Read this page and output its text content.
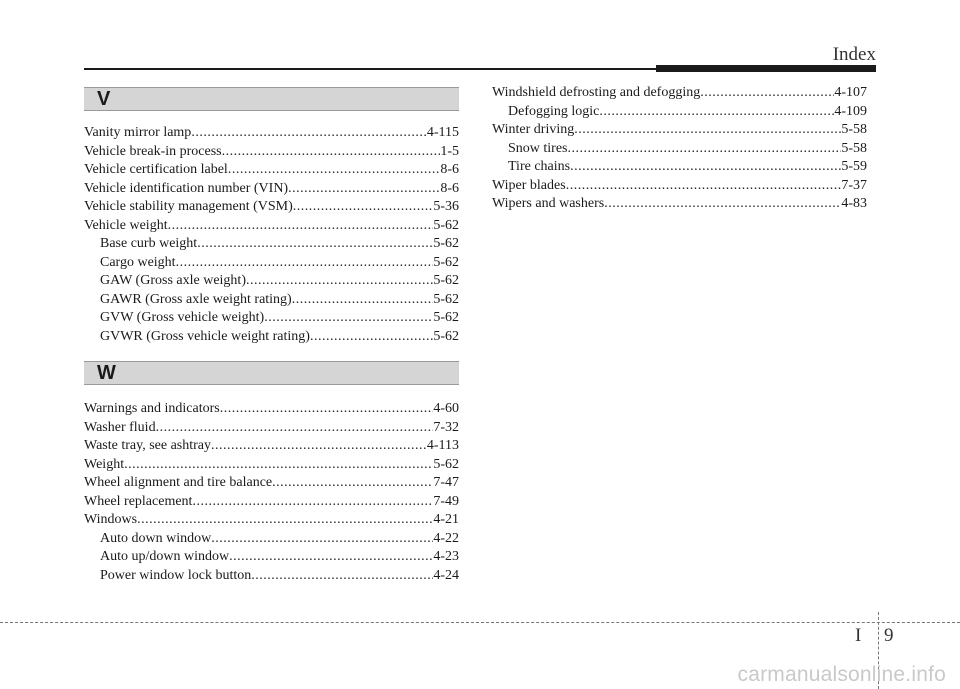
Index
V
Vanity mirror lamp .....	4-115
Vehicle break-in process .....	1-5
Vehicle certification label .....	8-6
Vehicle identification number (VIN) .....	8-6
Vehicle stability management (VSM) .....	5-36
Vehicle weight .....	5-62
Base curb weight .....	5-62
Cargo weight .....	5-62
GAW (Gross axle weight) .....	5-62
GAWR (Gross axle weight rating) .....	5-62
GVW (Gross vehicle weight) .....	5-62
GVWR (Gross vehicle weight rating) .....	5-62
W
Warnings and indicators .....	4-60
Washer fluid .....	7-32
Waste tray, see ashtray .....	4-113
Weight .....	5-62
Wheel alignment and tire balance .....	7-47
Wheel replacement .....	7-49
Windows .....	4-21
Auto down window .....	4-22
Auto up/down window .....	4-23
Power window lock button .....	4-24
Windshield defrosting and defogging .....	4-107
Defogging logic .....	4-109
Winter driving .....	5-58
Snow tires .....	5-58
Tire chains .....	5-59
Wiper blades .....	7-37
Wipers and washers .....	4-83
I 9
carmanualsonline.info
